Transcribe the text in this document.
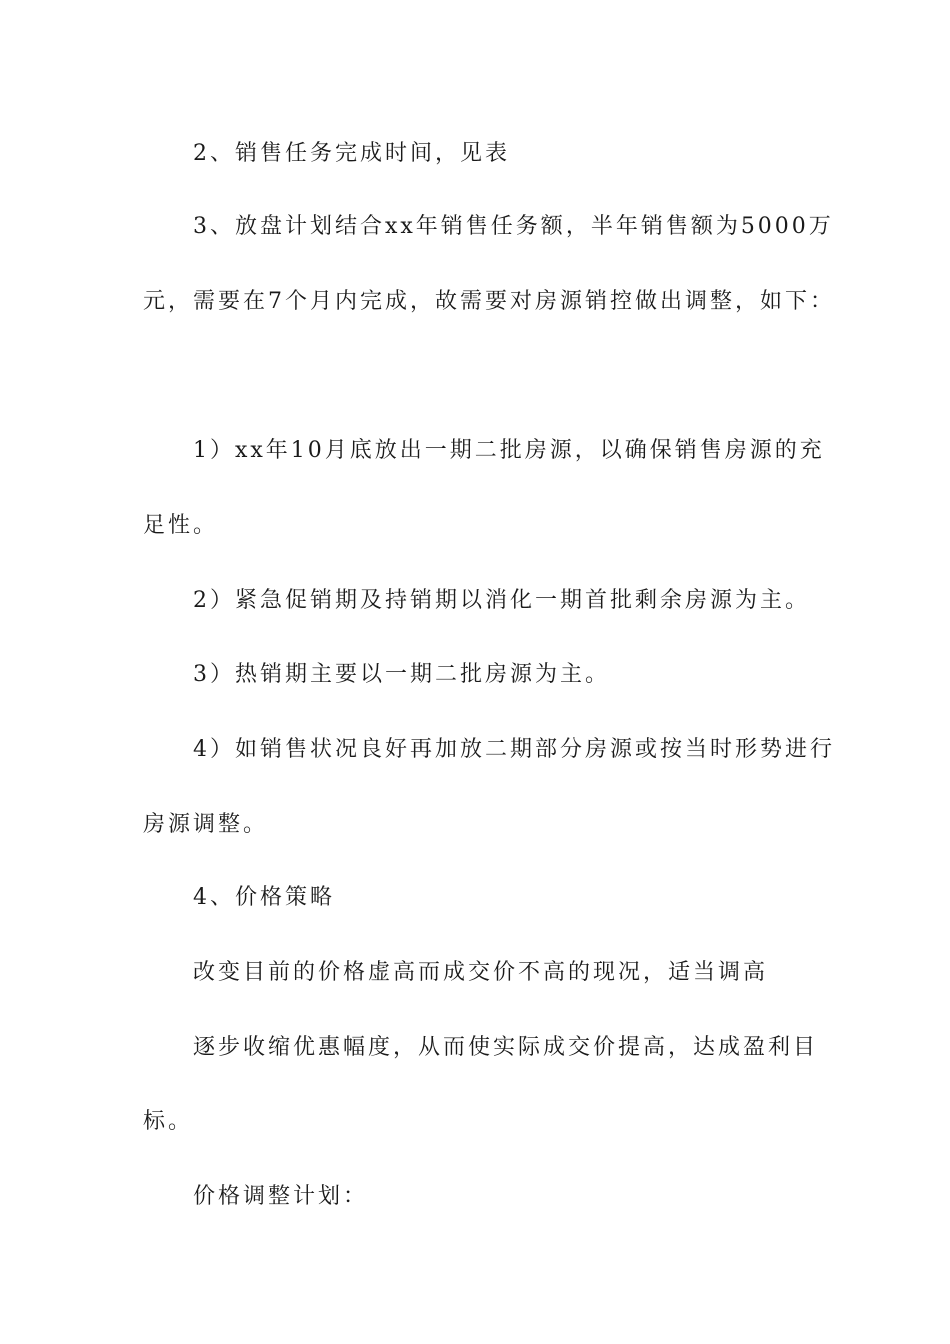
2、销售任务完成时间，见表
3、放盘计划结合xx年销售任务额，半年销售额为5000万
元，需要在7个月内完成，故需要对房源销控做出调整，如下：
1）xx年10月底放出一期二批房源，以确保销售房源的充
足性。
2）紧急促销期及持销期以消化一期首批剩余房源为主。
3）热销期主要以一期二批房源为主。
4）如销售状况良好再加放二期部分房源或按当时形势进行
房源调整。
4、价格策略
改变目前的价格虚高而成交价不高的现况，适当调高
逐步收缩优惠幅度，从而使实际成交价提高，达成盈利目
标。
价格调整计划：
